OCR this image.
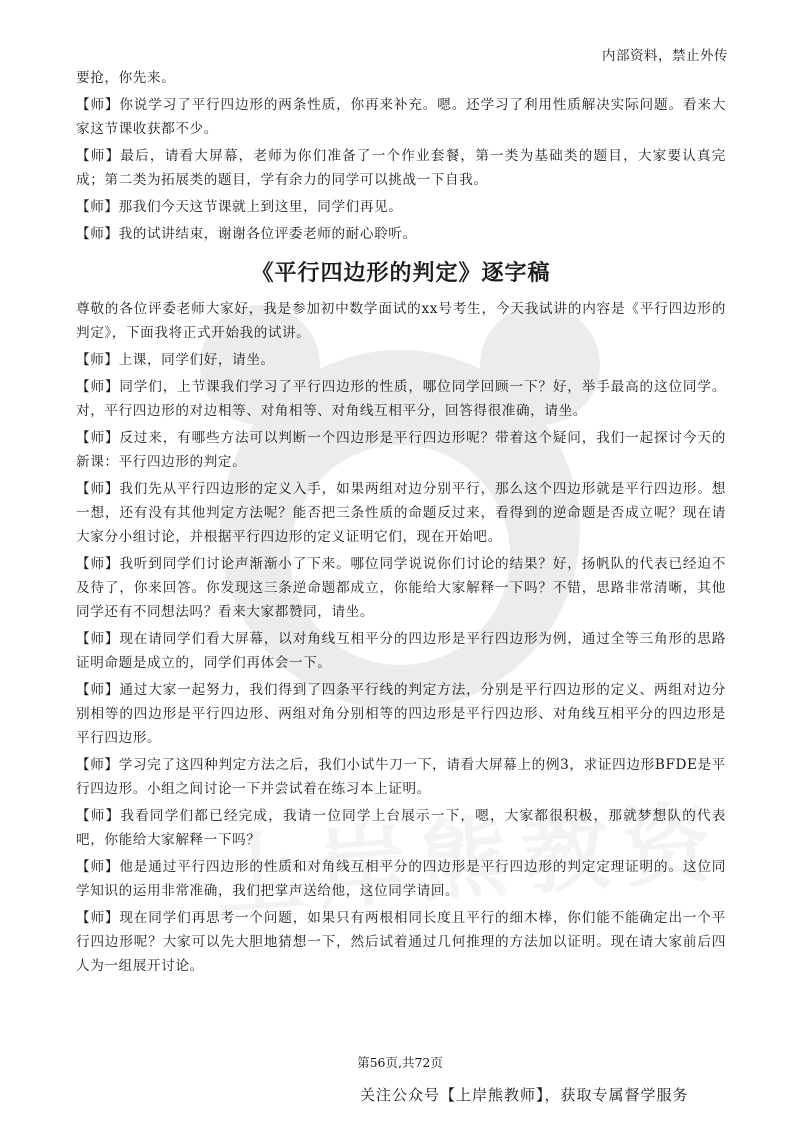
内部资料，禁止外传

要抢，你先来。

【师】你说学习了平行四边形的两条性质，你再来补充。嗯。还学习了利用性质解决实际问题。看来大家这节课收获都不少。

【师】最后，请看大屏幕，老师为你们准备了一个作业套餐，第一类为基础类的题目，大家要认真完成；第二类为拓展类的题目，学有余力的同学可以挑战一下自我。

【师】那我们今天这节课就上到这里，同学们再见。

【师】我的试讲结束，谢谢各位评委老师的耐心聆听。

《平行四边形的判定》逐字稿

尊敬的各位评委老师大家好，我是参加初中数学面试的xx号考生，今天我试讲的内容是《平行四边形的判定》，下面我将正式开始我的试讲。

【师】上课，同学们好，请坐。

【师】同学们，上节课我们学习了平行四边形的性质，哪位同学回顾一下？好，举手最高的这位同学。对，平行四边形的对边相等、对角相等、对角线互相平分，回答得很准确，请坐。

【师】反过来，有哪些方法可以判断一个四边形是平行四边形呢？带着这个疑问，我们一起探讨今天的新课：平行四边形的判定。

【师】我们先从平行四边形的定义入手，如果两组对边分别平行，那么这个四边形就是平行四边形。想一想，还有没有其他判定方法呢？能否把三条性质的命题反过来，看得到的逆命题是否成立呢？现在请大家分小组讨论，并根据平行四边形的定义证明它们，现在开始吧。

【师】我听到同学们讨论声渐渐小了下来。哪位同学说说你们讨论的结果？好，扬帆队的代表已经迫不及待了，你来回答。你发现这三条逆命题都成立，你能给大家解释一下吗？不错，思路非常清晰，其他同学还有不同想法吗？看来大家都赞同，请坐。

【师】现在请同学们看大屏幕，以对角线互相平分的四边形是平行四边形为例，通过全等三角形的思路证明命题是成立的，同学们再体会一下。

【师】通过大家一起努力，我们得到了四条平行线的判定方法，分别是平行四边形的定义、两组对边分别相等的四边形是平行四边形、两组对角分别相等的四边形是平行四边形、对角线互相平分的四边形是平行四边形。

【师】学习完了这四种判定方法之后，我们小试牛刀一下，请看大屏幕上的例3，求证四边形BFDE是平行四边形。小组之间讨论一下并尝试着在练习本上证明。

【师】我看同学们都已经完成，我请一位同学上台展示一下，嗯，大家都很积极，那就梦想队的代表吧，你能给大家解释一下吗？

【师】他是通过平行四边形的性质和对角线互相平分的四边形是平行四边形的判定定理证明的。这位同学知识的运用非常准确，我们把掌声送给他，这位同学请回。

【师】现在同学们再思考一个问题，如果只有两根相同长度且平行的细木棒，你们能不能确定出一个平行四边形呢？大家可以先大胆地猜想一下，然后试着通过几何推理的方法加以证明。现在请大家前后四人为一组展开讨论。

第56页,共72页
关注公众号【上岸熊教师】，获取专属督学服务
